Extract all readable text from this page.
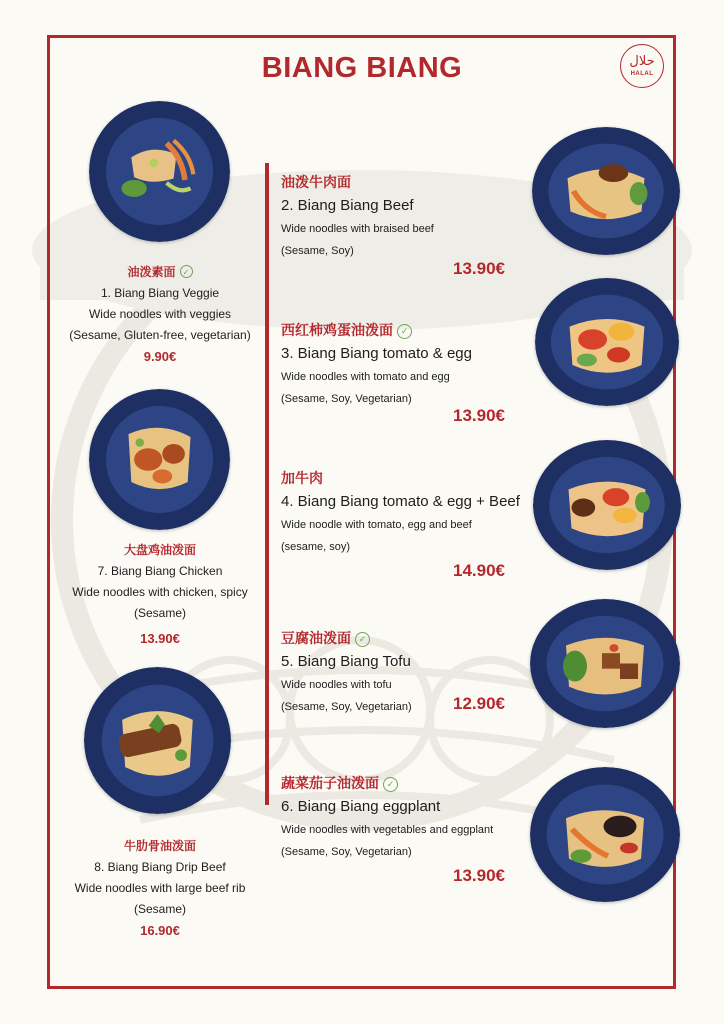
BIANG BIANG	حلال
HALAL
油泼素面 ✓
1. Biang Biang Veggie
Wide noodles with veggies
(Sesame, Gluten-free, vegetarian)
9.90€
大盘鸡油泼面
7. Biang Biang Chicken
Wide noodles with chicken, spicy
(Sesame)
13.90€
牛肋骨油泼面
8. Biang Biang Drip Beef
Wide noodles with large beef rib
(Sesame)
16.90€
油泼牛肉面
2. Biang Biang Beef
Wide noodles with braised beef
(Sesame, Soy)
13.90€
西红柿鸡蛋油泼面 ✓
3. Biang Biang tomato & egg
Wide noodles with tomato and egg
(Sesame, Soy, Vegetarian)
13.90€
加牛肉
4. Biang Biang tomato & egg + Beef
Wide noodle with tomato, egg and beef
(sesame, soy)
14.90€
豆腐油泼面 ✓
5. Biang Biang Tofu
Wide noodles with tofu
(Sesame, Soy, Vegetarian)	12.90€
蔬菜茄子油泼面 ✓
6. Biang Biang eggplant
Wide noodles with vegetables and eggplant
(Sesame, Soy, Vegetarian)
13.90€
